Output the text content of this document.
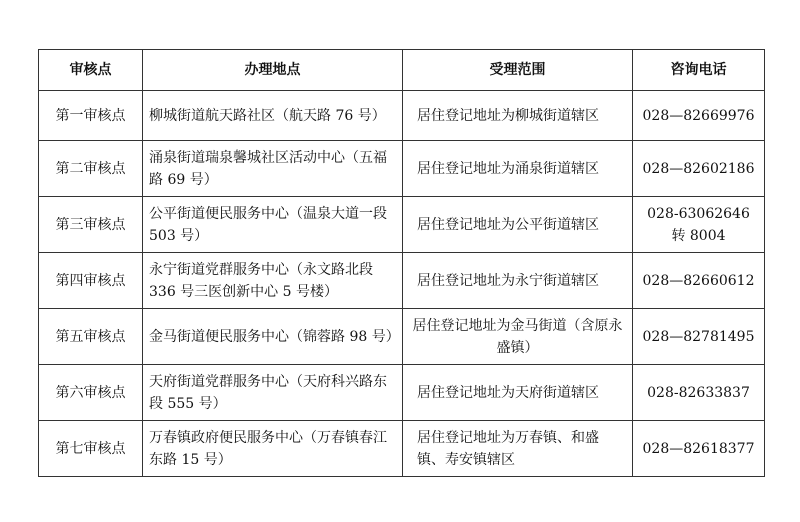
审核点	办理地点	受理范围	咨询电话
第一审核点	柳城街道航天路社区（航天路 76 号）	居住登记地址为柳城街道辖区	028—82669976
第二审核点	涌泉街道瑞泉馨城社区活动中心（五福路 69 号）	居住登记地址为涌泉街道辖区	028—82602186
第三审核点	公平街道便民服务中心（温泉大道一段 503 号）	居住登记地址为公平街道辖区	028-63062646 转 8004
第四审核点	永宁街道党群服务中心（永文路北段 336 号三医创新中心 5 号楼）	居住登记地址为永宁街道辖区	028—82660612
第五审核点	金马街道便民服务中心（锦蓉路 98 号）	居住登记地址为金马街道（含原永盛镇）	028—82781495
第六审核点	天府街道党群服务中心（天府科兴路东段 555 号）	居住登记地址为天府街道辖区	028-82633837
第七审核点	万春镇政府便民服务中心（万春镇春江东路 15 号）	居住登记地址为万春镇、和盛镇、寿安镇辖区	028—82618377
